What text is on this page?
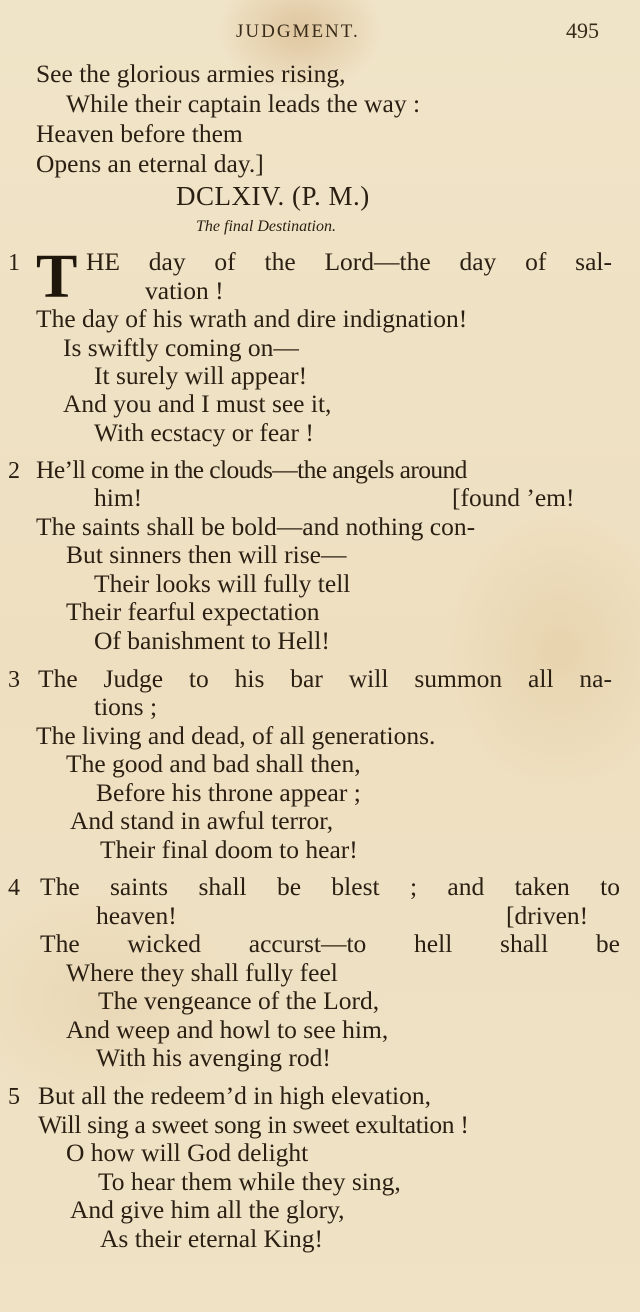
JUDGMENT.	495
See the glorious armies rising,
While their captain leads the way :
Heaven before them
Opens an eternal day.]
DCLXIV. (P. M.)
The final Destination.
1 T HE day of the Lord—the day of sal-
vation !
The day of his wrath and dire indignation!
Is swiftly coming on—
It surely will appear!
And you and I must see it,
With ecstacy or fear !
2 He’ll come in the clouds—the angels around
him!	[found ’em!
The saints shall be bold—and nothing con-
But sinners then will rise—
Their looks will fully tell
Their fearful expectation
Of banishment to Hell!
3 The Judge to his bar will summon all na-
tions ;
The living and dead, of all generations.
The good and bad shall then,
Before his throne appear ;
And stand in awful terror,
Their final doom to hear!
4 The saints shall be blest ; and taken to
heaven!	[driven!
The wicked accurst—to hell shall be
Where they shall fully feel
The vengeance of the Lord,
And weep and howl to see him,
With his avenging rod!
5 But all the redeem’d in high elevation,
Will sing a sweet song in sweet exultation !
O how will God delight
To hear them while they sing,
And give him all the glory,
As their eternal King!
